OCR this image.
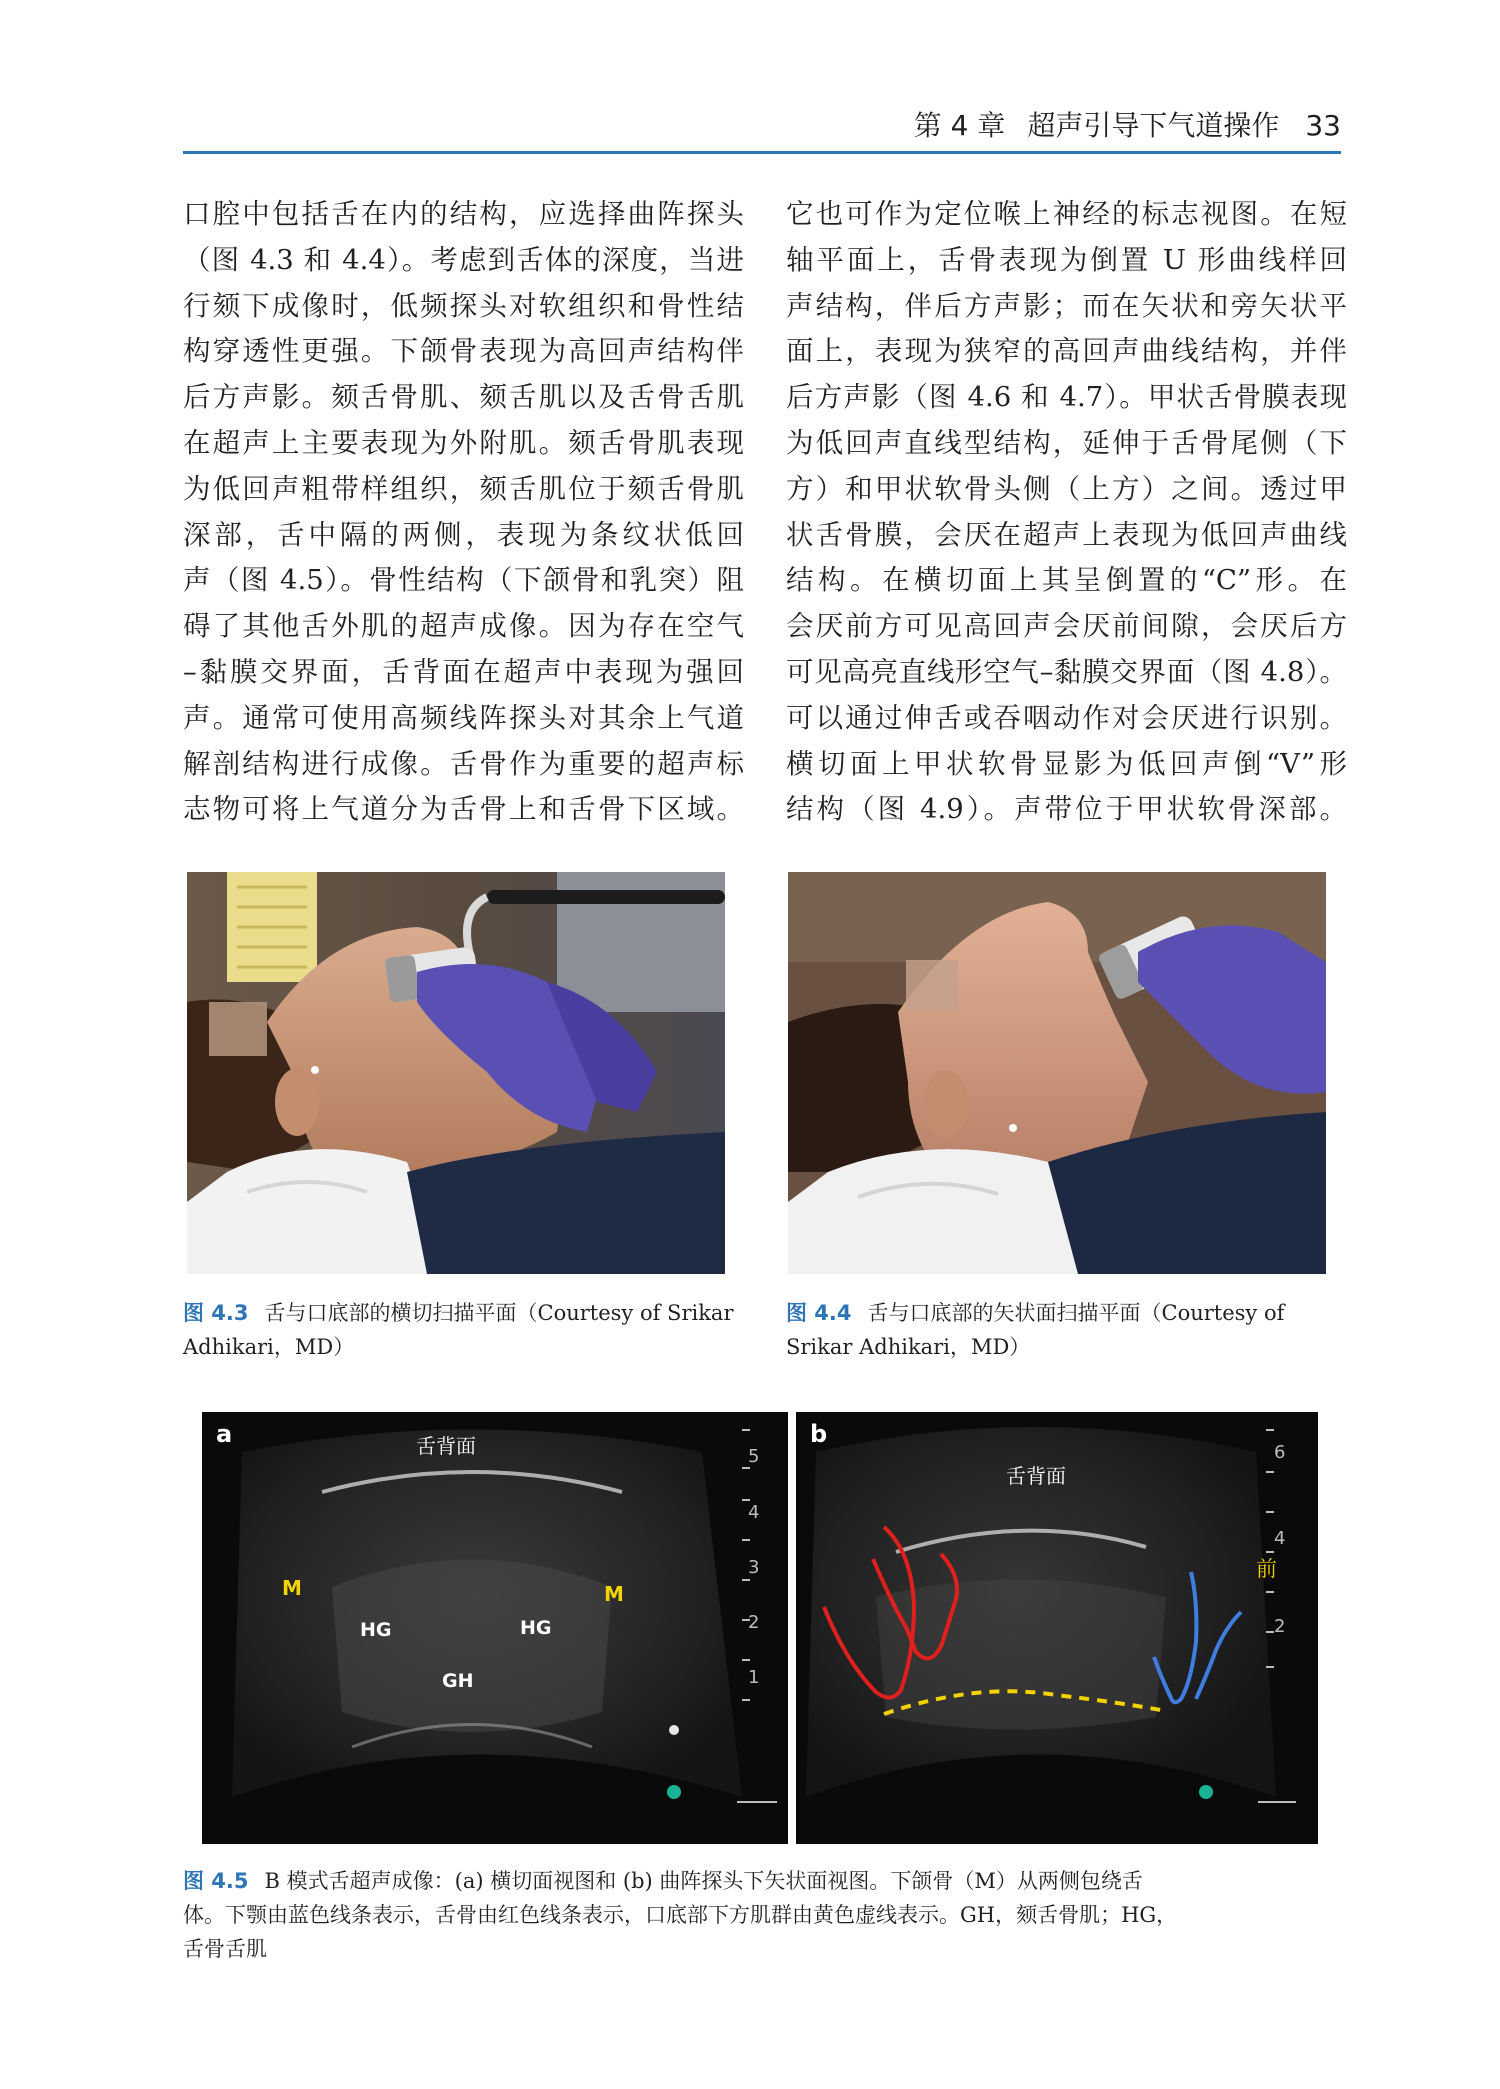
第 4 章 超声引导下气道操作 33
口腔中包括舌在内的结构，应选择曲阵探头
（图 4.3 和 4.4）。考虑到舌体的深度，当进
行颏下成像时，低频探头对软组织和骨性结
构穿透性更强。下颌骨表现为高回声结构伴
后方声影。颏舌骨肌、颏舌肌以及舌骨舌肌
在超声上主要表现为外附肌。颏舌骨肌表现
为低回声粗带样组织，颏舌肌位于颏舌骨肌
深部，舌中隔的两侧，表现为条纹状低回
声（图 4.5）。骨性结构（下颌骨和乳突）阻
碍了其他舌外肌的超声成像。因为存在空气
–黏膜交界面，舌背面在超声中表现为强回
声。通常可使用高频线阵探头对其余上气道
解剖结构进行成像。舌骨作为重要的超声标
志物可将上气道分为舌骨上和舌骨下区域。
它也可作为定位喉上神经的标志视图。在短
轴平面上，舌骨表现为倒置 U 形曲线样回
声结构，伴后方声影；而在矢状和旁矢状平
面上，表现为狭窄的高回声曲线结构，并伴
后方声影（图 4.6 和 4.7）。甲状舌骨膜表现
为低回声直线型结构，延伸于舌骨尾侧（下
方）和甲状软骨头侧（上方）之间。透过甲
状舌骨膜，会厌在超声上表现为低回声曲线
结构。在横切面上其呈倒置的“C”形。在
会厌前方可见高回声会厌前间隙，会厌后方
可见高亮直线形空气–黏膜交界面（图 4.8）。
可以通过伸舌或吞咽动作对会厌进行识别。
横切面上甲状软骨显影为低回声倒“V”形
结构（图 4.9）。声带位于甲状软骨深部。
图 4.3 舌与口底部的横切扫描平面（Courtesy of Srikar
Adhikari，MD）
图 4.4 舌与口底部的矢状面扫描平面（Courtesy of
Srikar Adhikari，MD）
a	舌背面
M	M
HG	HG
GH
5
4
3
2
1
b
舌背面
前
6
4
2
图 4.5 B 模式舌超声成像：(a) 横切面视图和 (b) 曲阵探头下矢状面视图。下颌骨（M）从两侧包绕舌
体。下颚由蓝色线条表示，舌骨由红色线条表示，口底部下方肌群由黄色虚线表示。GH，颏舌骨肌；HG，
舌骨舌肌
